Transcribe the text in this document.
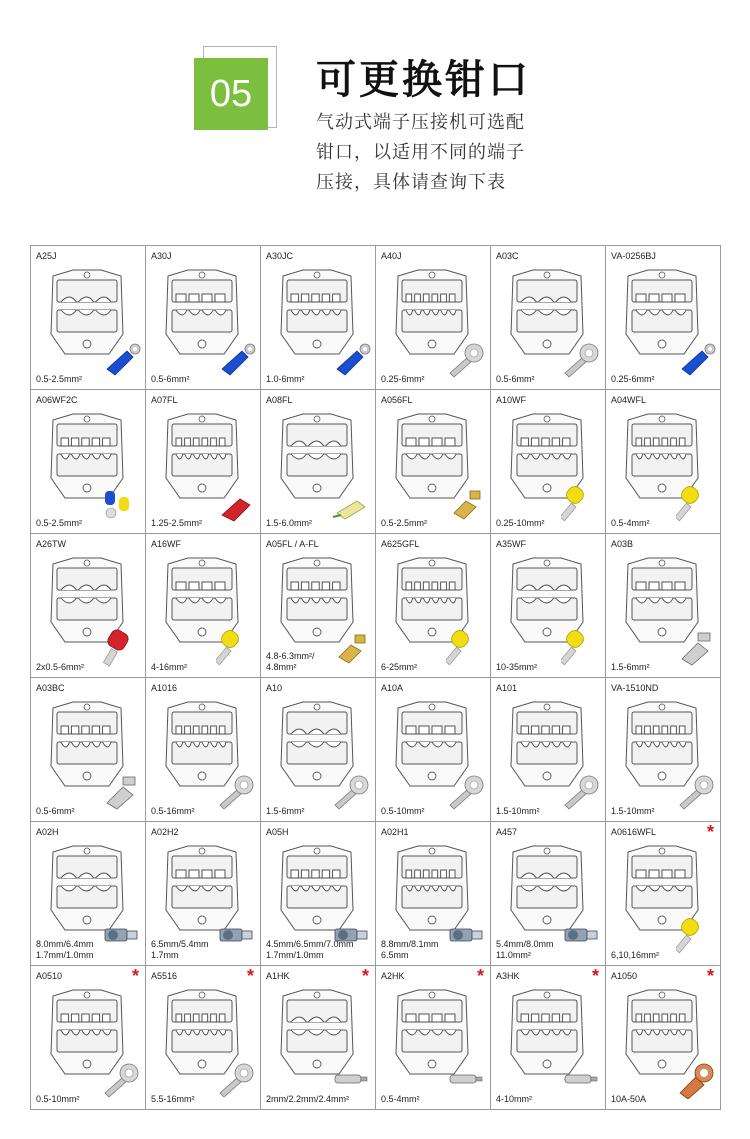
05	可更换钳口
气动式端子压接机可选配
钳口，以适用不同的端子
压接，具体请查询下表
A25J
0.5-2.5mm²
A30J
0.5-6mm²
A30JC
1.0-6mm²
A40J
0.25-6mm²
A03C
0.5-6mm²
VA-0256BJ
0.25-6mm²
A06WF2C
0.5-2.5mm²
A07FL
1.25-2.5mm²
A08FL
1.5-6.0mm²
A056FL
0.5-2.5mm²
A10WF
0.25-10mm²
A04WFL
0.5-4mm²
A26TW
2x0.5-6mm²
A16WF
4-16mm²
A05FL / A-FL
4.8-6.3mm²/
4.8mm²
A625GFL
6-25mm²
A35WF
10-35mm²
A03B
1.5-6mm²
A03BC
0.5-6mm²
A1016
0.5-16mm²
A10
1.5-6mm²
A10A
0.5-10mm²
A101
1.5-10mm²
VA-1510ND
1.5-10mm²
A02H
8.0mm/6.4mm
1.7mm/1.0mm
A02H2
6.5mm/5.4mm
1.7mm
A05H
4.5mm/6.5mm/7.0mm
1.7mm/1.0mm
A02H1
8.8mm/8.1mm
6.5mm
A457
5.4mm/8.0mm
11.0mm²
A0616WFL	*
6,10,16mm²
A0510	*
0.5-10mm²
A5516	*
5.5-16mm²
A1HK	*
2mm/2.2mm/2.4mm²
A2HK	*
0.5-4mm²
A3HK	*
4-10mm²
A1050	*
10A-50A
